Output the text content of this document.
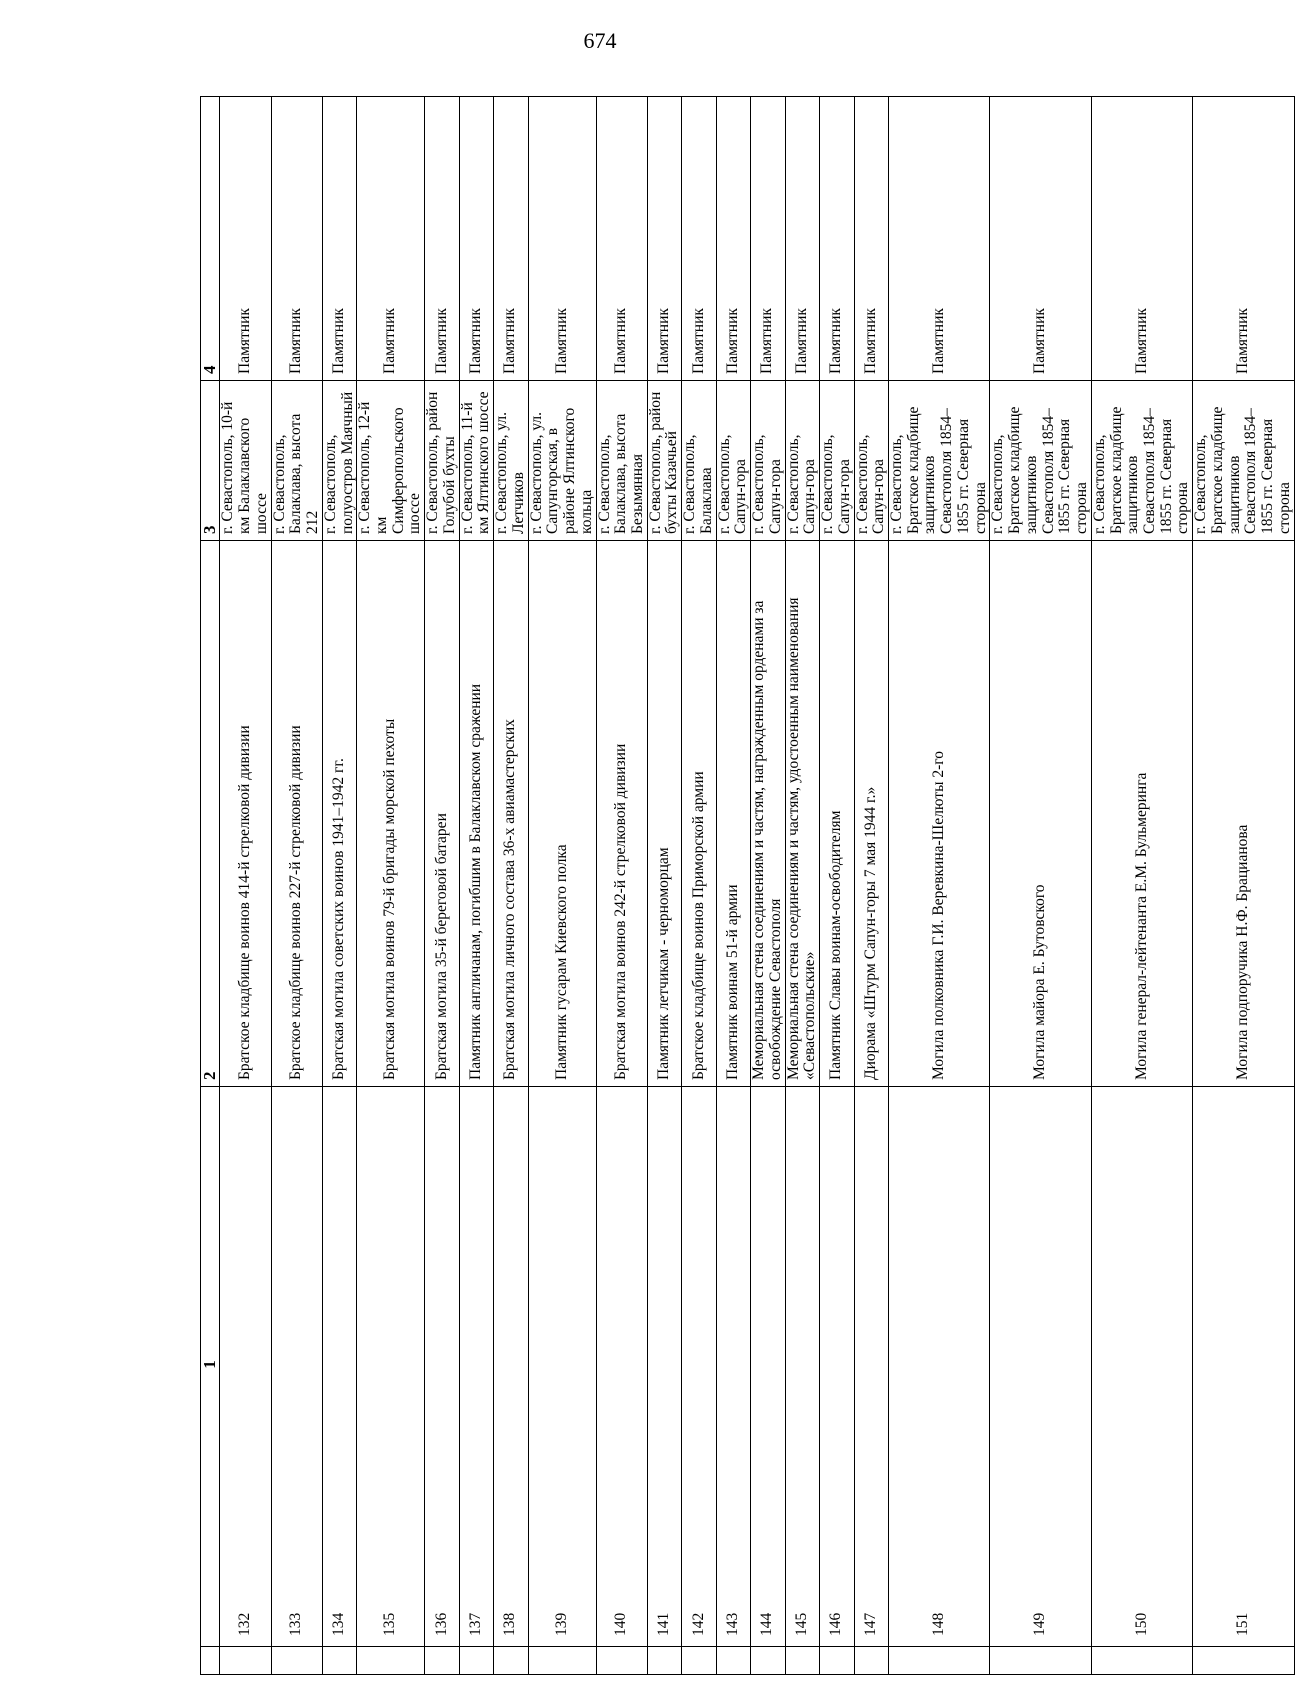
674
	1	2	3	4
	132	Братское кладбище воинов 414-й стрелковой дивизии	г. Севастополь, 10-й км Балаклавского шоссе	Памятник
	133	Братское кладбище воинов 227-й стрелковой дивизии	г. Севастополь, Балаклава, высота 212	Памятник
	134	Братская могила советских воинов 1941–1942 гг.	г. Севастополь, полуостров Маячный	Памятник
	135	Братская могила воинов 79-й бригады морской пехоты	г. Севастополь, 12-й км Симферопольского шоссе	Памятник
	136	Братская могила 35-й береговой батареи	г. Севастополь, район Голубой бухты	Памятник
	137	Памятник англичанам, погибшим в Балаклавском сражении	г. Севастополь, 11-й км Ялтинского шоссе	Памятник
	138	Братская могила личного состава 36-х авиамастерских	г. Севастополь, ул. Летчиков	Памятник
	139	Памятник гусарам Киевского полка	г. Севастополь, ул. Сапунгорская, в районе Ялтинского кольца	Памятник
	140	Братская могила воинов 242-й стрелковой дивизии	г. Севастополь, Балаклава, высота Безымянная	Памятник
	141	Памятник летчикам - черноморцам	г. Севастополь, район бухты Казачьей	Памятник
	142	Братское кладбище воинов Приморской армии	г. Севастополь, Балаклава	Памятник
	143	Памятник воинам 51-й армии	г. Севастополь, Сапун-гора	Памятник
	144	Мемориальная стена соединениям и частям, награжденным орденами за освобождение Севастополя	г. Севастополь, Сапун-гора	Памятник
	145	Мемориальная стена соединениям и частям, удостоенным наименования «Севастопольские»	г. Севастополь, Сапун-гора	Памятник
	146	Памятник Славы воинам-освободителям	г. Севастополь, Сапун-гора	Памятник
	147	Диорама «Штурм Сапун-горы 7 мая 1944 г.»	г. Севастополь, Сапун-гора	Памятник
	148	Могила полковника Г.И. Веревкина-Шелюты 2-го	г. Севастополь, Братское кладбище защитников Севастополя 1854–1855 гг. Северная сторона	Памятник
	149	Могила майора Е. Бутовского	г. Севастополь, Братское кладбище защитников Севастополя 1854–1855 гг. Северная сторона	Памятник
	150	Могила генерал-лейтенанта Е.М. Бульмеринга	г. Севастополь, Братское кладбище защитников Севастополя 1854–1855 гг. Северная сторона	Памятник
	151	Могила подпоручика Н.Ф. Брацианова	г. Севастополь, Братское кладбище защитников Севастополя 1854–1855 гг. Северная сторона	Памятник
